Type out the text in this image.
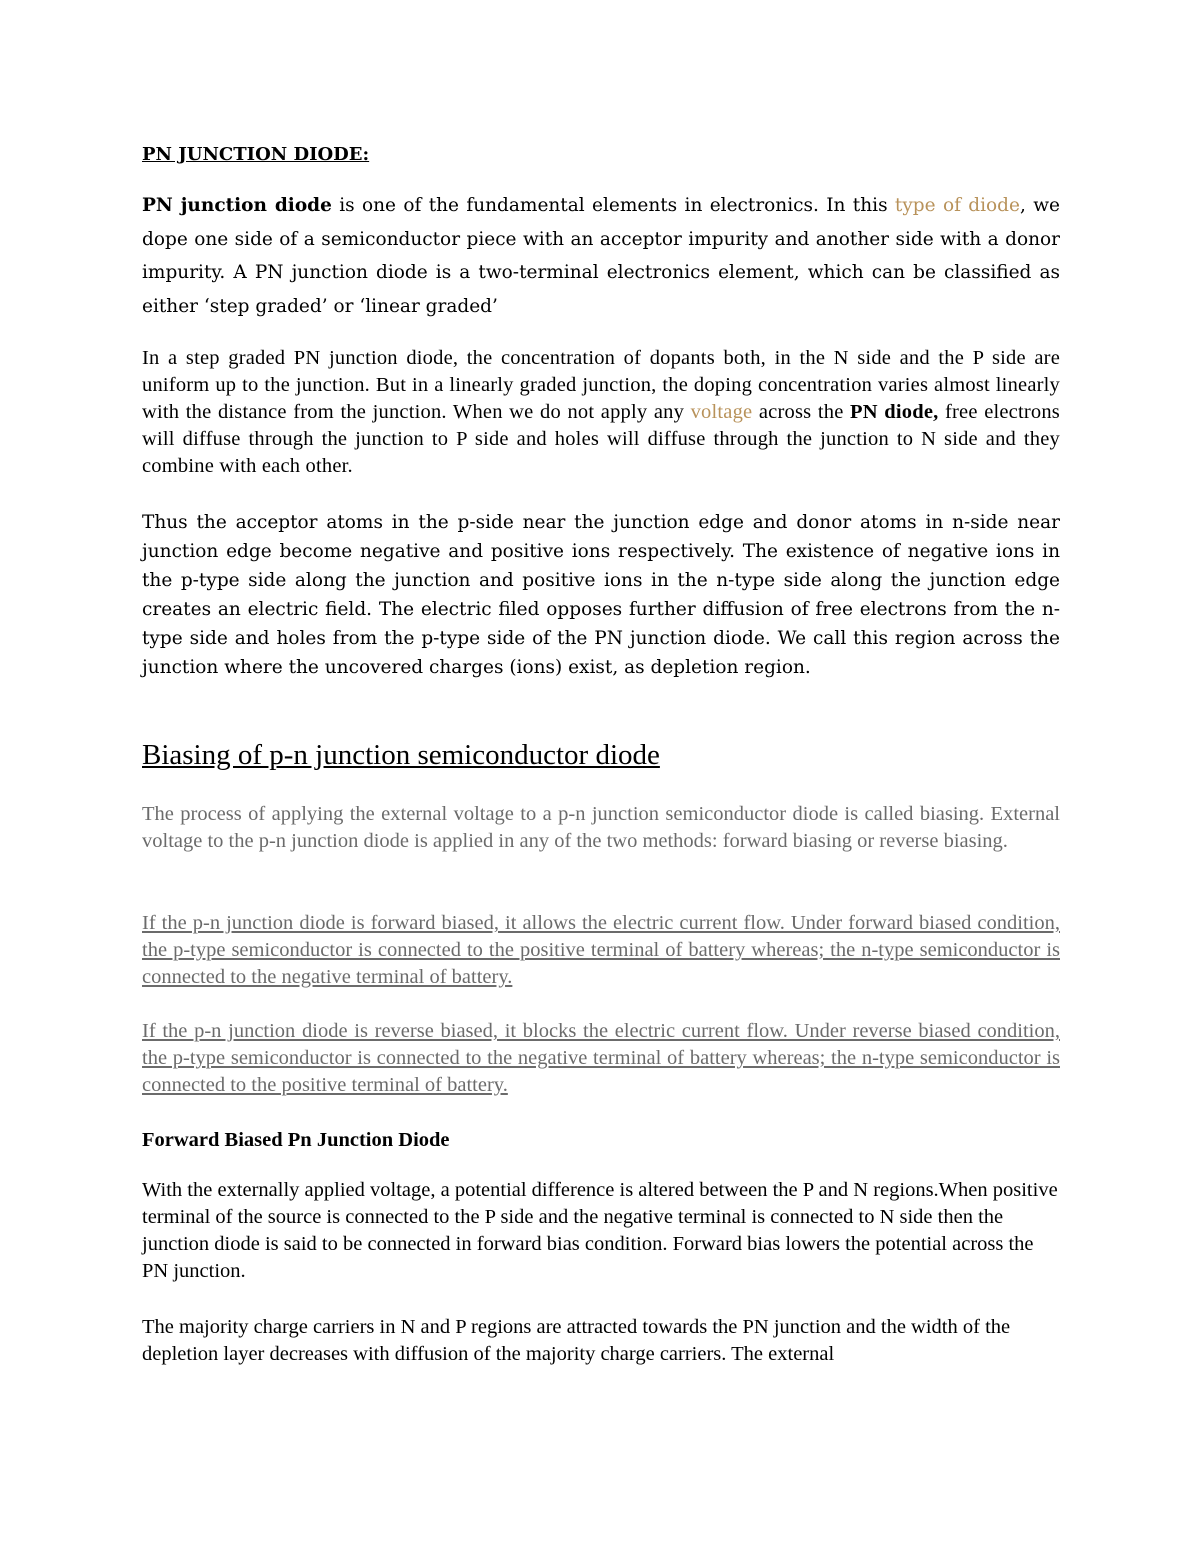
PN JUNCTION DIODE:

PN junction diode is one of the fundamental elements in electronics. In this type of diode, we dope one side of a semiconductor piece with an acceptor impurity and another side with a donor impurity. A PN junction diode is a two-terminal electronics element, which can be classified as either ‘step graded’ or ‘linear graded’

In a step graded PN junction diode, the concentration of dopants both, in the N side and the P side are uniform up to the junction. But in a linearly graded junction, the doping concentration varies almost linearly with the distance from the junction. When we do not apply any voltage across the PN diode, free electrons will diffuse through the junction to P side and holes will diffuse through the junction to N side and they combine with each other.

Thus the acceptor atoms in the p-side near the junction edge and donor atoms in n-side near junction edge become negative and positive ions respectively. The existence of negative ions in the p-type side along the junction and positive ions in the n-type side along the junction edge creates an electric field. The electric filed opposes further diffusion of free electrons from the n-type side and holes from the p-type side of the PN junction diode. We call this region across the junction where the uncovered charges (ions) exist, as depletion region.

Biasing of p-n junction semiconductor diode

The process of applying the external voltage to a p-n junction semiconductor diode is called biasing. External voltage to the p-n junction diode is applied in any of the two methods: forward biasing or reverse biasing.

If the p-n junction diode is forward biased, it allows the electric current flow. Under forward biased condition, the p-type semiconductor is connected to the positive terminal of battery whereas; the n-type semiconductor is connected to the negative terminal of battery.

If the p-n junction diode is reverse biased, it blocks the electric current flow. Under reverse biased condition, the p-type semiconductor is connected to the negative terminal of battery whereas; the n-type semiconductor is connected to the positive terminal of battery.

Forward Biased Pn Junction Diode

With the externally applied voltage, a potential difference is altered between the P and N regions.When positive terminal of the source is connected to the P side and the negative terminal is connected to N side then the junction diode is said to be connected in forward bias condition. Forward bias lowers the potential across the PN junction.

The majority charge carriers in N and P regions are attracted towards the PN junction and the width of the depletion layer decreases with diffusion of the majority charge carriers. The external
